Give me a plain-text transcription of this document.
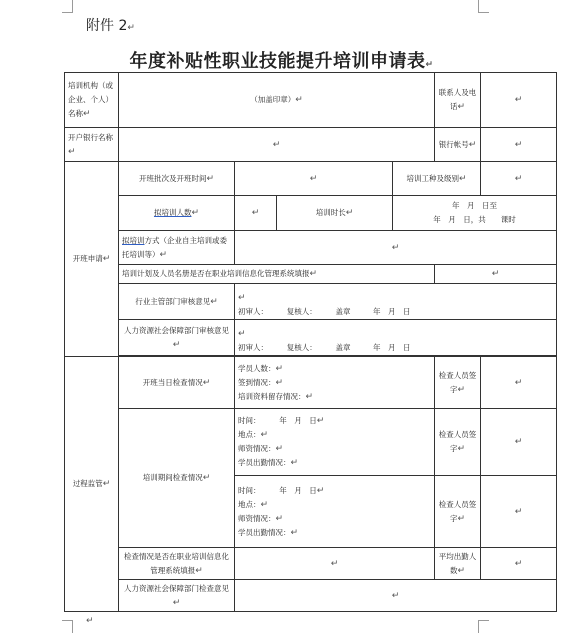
附件 2↵
年度补贴性职业技能提升培训申请表↵
培训机构（或企业、个人）名称↵	（加盖印章）↵				联系人及电话↵	↵
开户银行名称↵	↵				银行帐号↵	↵
开班申请↵	开班批次及开班时间↵	↵		培训工种及级别↵		↵
	拟培训人数↵	↵	培训时长↵	年　月　日至
年　月　日，共　　课时		

	拟培训方式（企业自主培训或委托培训等）↵	↵				
	培训计划及人员名册是否在职业培训信息化管理系统填报↵				↵	
	行业主管部门审核意见↵	↵
初审人：　　　复核人：　　　盖章　　　年　月　日				

	人力资源社会保障部门审核意见↵	↵
初审人：　　　复核人：　　　盖章　　　年　月　日				

过程监管↵	开班当日检查情况↵	学员人数：↵
签到情况：↵
培训资料留存情况：↵			检查人员签字↵	↵
	培训期间检查情况↵	时间：　　　年　月　日↵
地点：↵
师资情况：↵
学员出勤情况：↵			检查人员签字↵	↵

		时间：　　　年　月　日↵
地点：↵
师资情况：↵
学员出勤情况：↵			检查人员签字↵	↵
	检查情况是否在职业培训信息化管理系统填报↵	↵			平均出勤人数↵	↵
	人力资源社会保障部门检查意见↵	↵				
↵
